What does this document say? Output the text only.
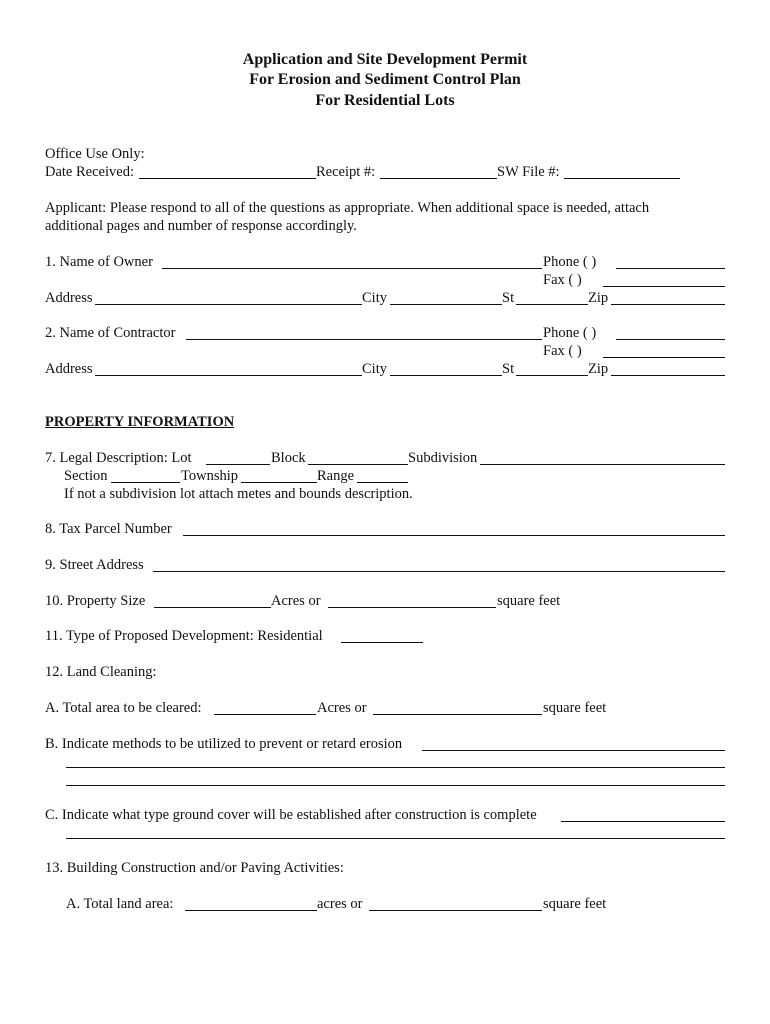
Application and Site Development Permit
For Erosion and Sediment Control Plan
For Residential Lots
Office Use Only:
Date Received:	Receipt #:	SW File #:
Applicant: Please respond to all of the questions as appropriate. When additional space is needed, attach
additional pages and number of response accordingly.
1. Name of Owner	Phone ( )
Fax ( )
Address	City	St	Zip
2. Name of Contractor	Phone ( )
Fax ( )
Address	City	St	Zip
PROPERTY INFORMATION
7. Legal Description: Lot	Block	Subdivision
Section	Township	Range
If not a subdivision lot attach metes and bounds description.
8. Tax Parcel Number
9. Street Address
10. Property Size	Acres or	square feet
11. Type of Proposed Development: Residential
12. Land Cleaning:
A. Total area to be cleared:	Acres or	square feet
B. Indicate methods to be utilized to prevent or retard erosion
C. Indicate what type ground cover will be established after construction is complete
13. Building Construction and/or Paving Activities:
A. Total land area:	acres or	square feet
